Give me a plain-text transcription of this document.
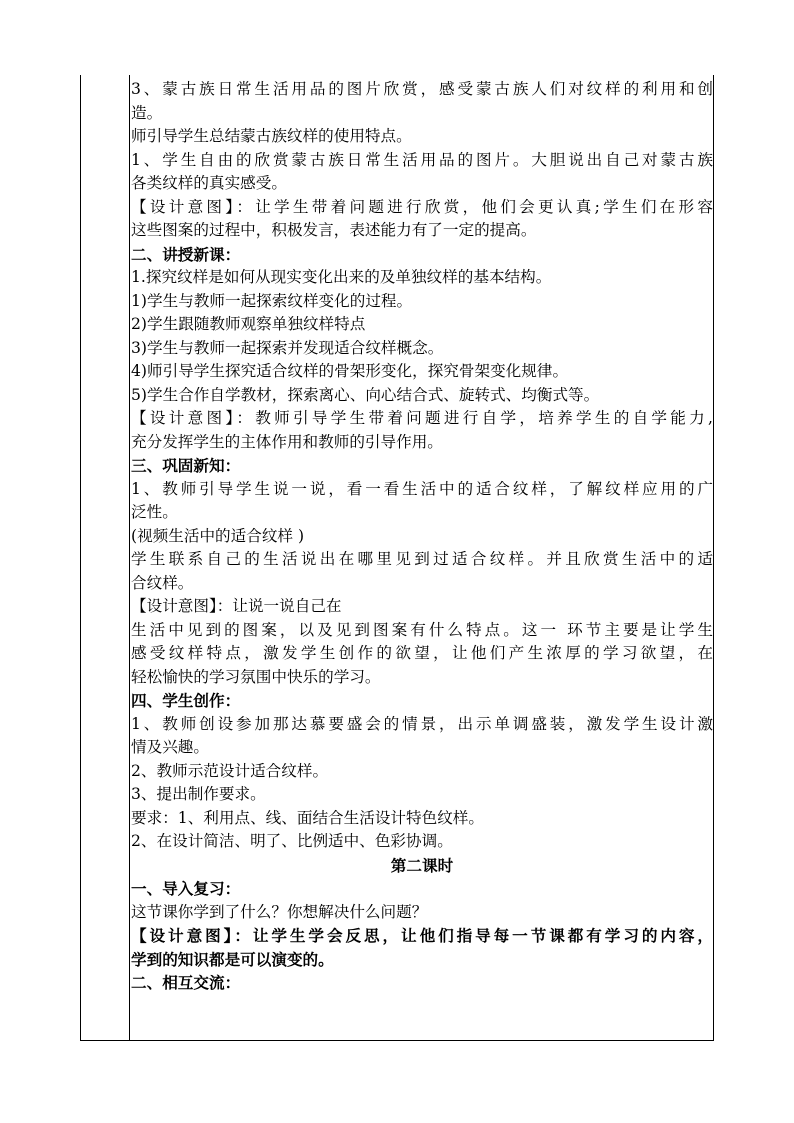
3、蒙古族日常生活用品的图片欣赏，感受蒙古族人们对纹样的利用和创
造。
师引导学生总结蒙古族纹样的使用特点。
1、学生自由的欣赏蒙古族日常生活用品的图片。大胆说出自己对蒙古族
各类纹样的真实感受。
【设计意图】：让学生带着问题进行欣赏，他们会更认真;学生们在形容
这些图案的过程中，积极发言，表述能力有了一定的提高。
二、讲授新课：
1.探究纹样是如何从现实变化出来的及单独纹样的基本结构。
1)学生与教师一起探索纹样变化的过程。
2)学生跟随教师观察单独纹样特点
3)学生与教师一起探索并发现适合纹样概念。
4)师引导学生探究适合纹样的骨架形变化，探究骨架变化规律。
5)学生合作自学教材，探索离心、向心结合式、旋转式、均衡式等。
【设计意图】：教师引导学生带着问题进行自学，培养学生的自学能力,
充分发挥学生的主体作用和教师的引导作用。
三、巩固新知：
1、教师引导学生说一说，看一看生活中的适合纹样，了解纹样应用的广
泛性。
(视频生活中的适合纹样 )
学生联系自己的生活说出在哪里见到过适合纹样。并且欣赏生活中的适
合纹样。
【设计意图】：让说一说自己在
生活中见到的图案，以及见到图案有什么特点。这一 环节主要是让学生
感受纹样特点，激发学生创作的欲望，让他们产生浓厚的学习欲望，在
轻松愉快的学习氛围中快乐的学习。
四、学生创作：
1、教师创设参加那达慕要盛会的情景，出示单调盛装，激发学生设计激
情及兴趣。
2、教师示范设计适合纹样。
3、提出制作要求。
要求：1、利用点、线、面结合生活设计特色纹样。
2、在设计简洁、明了、比例适中、色彩协调。
第二课时
一、导入复习：
这节课你学到了什么？你想解决什么问题？
【设计意图】：让学生学会反思，让他们指导每一节课都有学习的内容，
学到的知识都是可以演变的。
二、相互交流：
